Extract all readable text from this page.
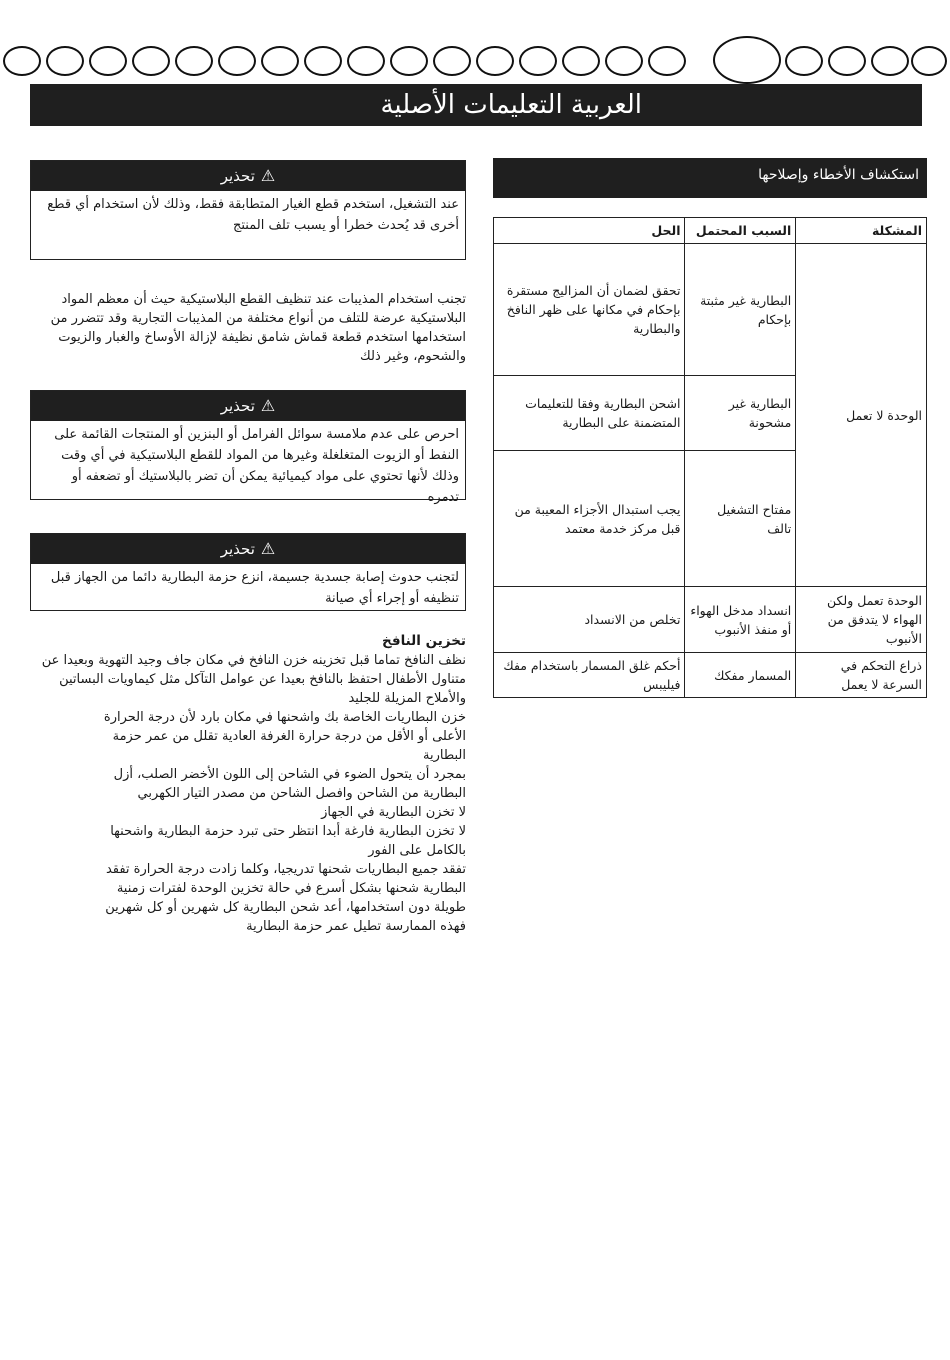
العربية التعليمات الأصلية
⚠تحذير
عند التشغيل، استخدم قطع الغيار المتطابقة فقط، وذلك لأن استخدام أي قطع أخرى قد يُحدث خطرا أو يسبب تلف المنتج
تجنب استخدام المذيبات عند تنظيف القطع البلاستيكية حيث أن معظم المواد البلاستيكية عرضة للتلف من أنواع مختلفة من المذيبات التجارية وقد تتضرر من استخدامها استخدم قطعة قماش شامق نظيفة لإزالة الأوساخ والغبار والزيوت والشحوم، وغير ذلك
⚠تحذير
احرص على عدم ملامسة سوائل الفرامل أو البنزين أو المنتجات القائمة على النفط أو الزيوت المتغلغلة وغيرها من المواد للقطع البلاستيكية في أي وقت وذلك لأنها تحتوي على مواد كيميائية يمكن أن تضر بالبلاستيك أو تضعفه أو تدمره
⚠تحذير
لتجنب حدوث إصابة جسدية جسيمة، انزع حزمة البطارية دائما من الجهاز قبل تنظيفه أو إجراء أي صيانة
تخزين النافخ
نظف النافخ تماما قبل تخزينه خزن النافخ في مكان جاف وجيد التهوية وبعيدا عن متناول الأطفال احتفظ بالنافخ بعيدا عن عوامل التآكل مثل كيماويات البساتين والأملاح المزيلة للجليد
خزن البطاريات الخاصة بك واشحنها في مكان بارد لأن درجة الحرارة الأعلى أو الأقل من درجة حرارة الغرفة العادية تقلل من عمر حزمة البطارية
بمجرد أن يتحول الضوء في الشاحن إلى اللون الأخضر الصلب، أزل البطارية من الشاحن وافصل الشاحن من مصدر التيار الكهربي
لا تخزن البطارية في الجهاز
لا تخزن البطارية فارغة أبدا انتظر حتى تبرد حزمة البطارية واشحنها بالكامل على الفور
تفقد جميع البطاريات شحنها تدريجيا، وكلما زادت درجة الحرارة تفقد البطارية شحنها بشكل أسرع في حالة تخزين الوحدة لفترات زمنية طويلة دون استخدامها، أعد شحن البطارية كل شهرين أو كل شهرين فهذه الممارسة تطيل عمر حزمة البطارية
استكشاف الأخطاء وإصلاحها
المشكلة	السبب المحتمل	الحل
الوحدة لا تعمل	البطارية غير مثبتة بإحكام	تحقق لضمان أن المزاليج مستقرة بإحكام في مكانها على ظهر النافخ والبطارية
	البطارية غير مشحونة	اشحن البطارية وفقا للتعليمات المتضمنة على البطارية
	مفتاح التشغيل تالف	يجب استبدال الأجزاء المعيبة من قبل مركز خدمة معتمد
الوحدة تعمل ولكن الهواء لا يتدفق من الأنبوب	انسداد مدخل الهواء أو منفذ الأنبوب	تخلص من الانسداد
ذراع التحكم في السرعة لا يعمل	المسمار مفكك	أحكم غلق المسمار باستخدام مفك فيليبس
